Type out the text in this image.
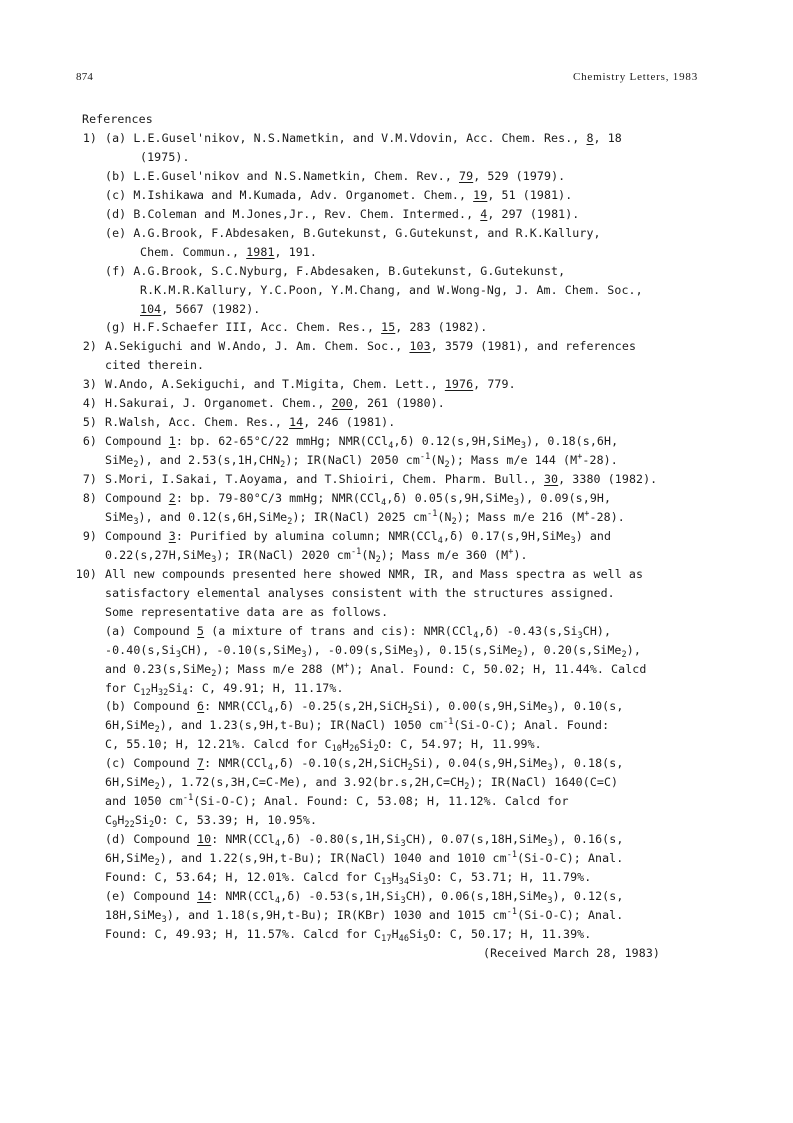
874	Chemistry Letters, 1983
References
1) (a) L.E.Gusel'nikov, N.S.Nametkin, and V.M.Vdovin, Acc. Chem. Res., 8, 18
(1975).
(b) L.E.Gusel'nikov and N.S.Nametkin, Chem. Rev., 79, 529 (1979).
(c) M.Ishikawa and M.Kumada, Adv. Organomet. Chem., 19, 51 (1981).
(d) B.Coleman and M.Jones,Jr., Rev. Chem. Intermed., 4, 297 (1981).
(e) A.G.Brook, F.Abdesaken, B.Gutekunst, G.Gutekunst, and R.K.Kallury,
Chem. Commun., 1981, 191.
(f) A.G.Brook, S.C.Nyburg, F.Abdesaken, B.Gutekunst, G.Gutekunst,
R.K.M.R.Kallury, Y.C.Poon, Y.M.Chang, and W.Wong-Ng, J. Am. Chem. Soc.,
104, 5667 (1982).
(g) H.F.Schaefer III, Acc. Chem. Res., 15, 283 (1982).
2) A.Sekiguchi and W.Ando, J. Am. Chem. Soc., 103, 3579 (1981), and references
cited therein.
3) W.Ando, A.Sekiguchi, and T.Migita, Chem. Lett., 1976, 779.
4) H.Sakurai, J. Organomet. Chem., 200, 261 (1980).
5) R.Walsh, Acc. Chem. Res., 14, 246 (1981).
6) Compound 1: bp. 62-65°C/22 mmHg; NMR(CCl$_4$,δ) 0.12(s,9H,SiMe$_3$), 0.18(s,6H,
SiMe$_2$), and $2.53(s,1H,CHN_2)$; IR(NaCl) 2050 $cm^{-1}(N_2)$; Mass m/e 144 (M+-28).
7) S.Mori, I.Sakai, T.Aoyama, and T.Shioiri, Chem. Pharm. Bull., 30, 3380 (1982).
8) Compound 2: bp. 79-80°C/3 mmHg; NMR(CCl$_4$,δ) 0.05(s,9H,SiMe$_3$), 0.09(s,9H,
SiMe$_3$), and 0.12(s,6H,SiMe$_2$); IR(NaCl) 2025 $cm^{-1}(N_2)$; Mass m/e 216 (M+-28).
9) Compound 3: Purified by alumina column; NMR(CCl$_4$,δ) 0.17(s,9H,SiMe$_3$) and
0.22(s,27H,SiMe$_3$); IR(NaCl) 2020 $cm^{-1}(N_2)$; Mass m/e 360 (M+).
10) All new compounds presented here showed NMR, IR, and Mass spectra as well as
satisfactory elemental analyses consistent with the structures assigned.
Some representative data are as follows.
(a) Compound 5 (a mixture of trans and cis): NMR(CCl$_4$,δ) $-0.43(s,Si_3CH)$,
$-0.40(s,Si_3CH)$, -0.10(s,SiMe$_3$), -0.09(s,SiMe$_3$), 0.15(s,SiMe$_2$), 0.20(s,SiMe$_2$),
and 0.23(s,SiMe$_2$); Mass m/e 288 (M+); Anal. Found: C, 50.02; H, 11.44%. Calcd
for $C_{12}H_{32}Si_4$: C, 49.91; H, 11.17%.
(b) Compound 6: NMR(CCl$_4$,δ) -0.25(s,2H,SiCH$_2$Si), 0.00(s,9H,SiMe$_3$), 0.10(s,
6H,SiMe$_2$), and 1.23(s,9H,t-Bu); IR(NaCl) 1050 $cm^{-1}(Si-O-C)$; Anal. Found:
C, 55.10; H, 12.21%. Calcd for $C_{10}H_{26}Si_2O$: C, 54.97; H, 11.99%.
(c) Compound 7: NMR(CCl$_4$,δ) -0.10(s,2H,SiCH$_2$Si), 0.04(s,9H,SiMe$_3$), 0.18(s,
6H,SiMe$_2$), 1.72(s,3H,C=C-Me), and $3.92(br.s,2H,C=CH_2)$; IR(NaCl) 1640(C=C)
and 1050 $cm^{-1}(Si-O-C)$; Anal. Found: C, 53.08; H, 11.12%. Calcd for
$C_9H_{22}Si_2O$: C, 53.39; H, 10.95%.
(d) Compound 10: NMR(CCl$_4$,δ) $-0.80(s,1H,Si_3CH)$, 0.07(s,18H,SiMe$_3$), 0.16(s,
6H,SiMe$_2$), and 1.22(s,9H,t-Bu); IR(NaCl) 1040 and 1010 $cm^{-1}(Si-O-C)$; Anal.
Found: C, 53.64; H, 12.01%. Calcd for $C_{13}H_{34}Si_3O$: C, 53.71; H, 11.79%.
(e) Compound 14: NMR(CCl$_4$,δ) $-0.53(s,1H,Si_3CH)$, 0.06(s,18H,SiMe$_3$), 0.12(s,
18H,SiMe$_3$), and 1.18(s,9H,t-Bu); IR(KBr) 1030 and 1015 $cm^{-1}(Si-O-C)$; Anal.
Found: C, 49.93; H, 11.57%. Calcd for $C_{17}H_{46}Si_5O$: C, 50.17; H, 11.39%.
(Received March 28, 1983)
